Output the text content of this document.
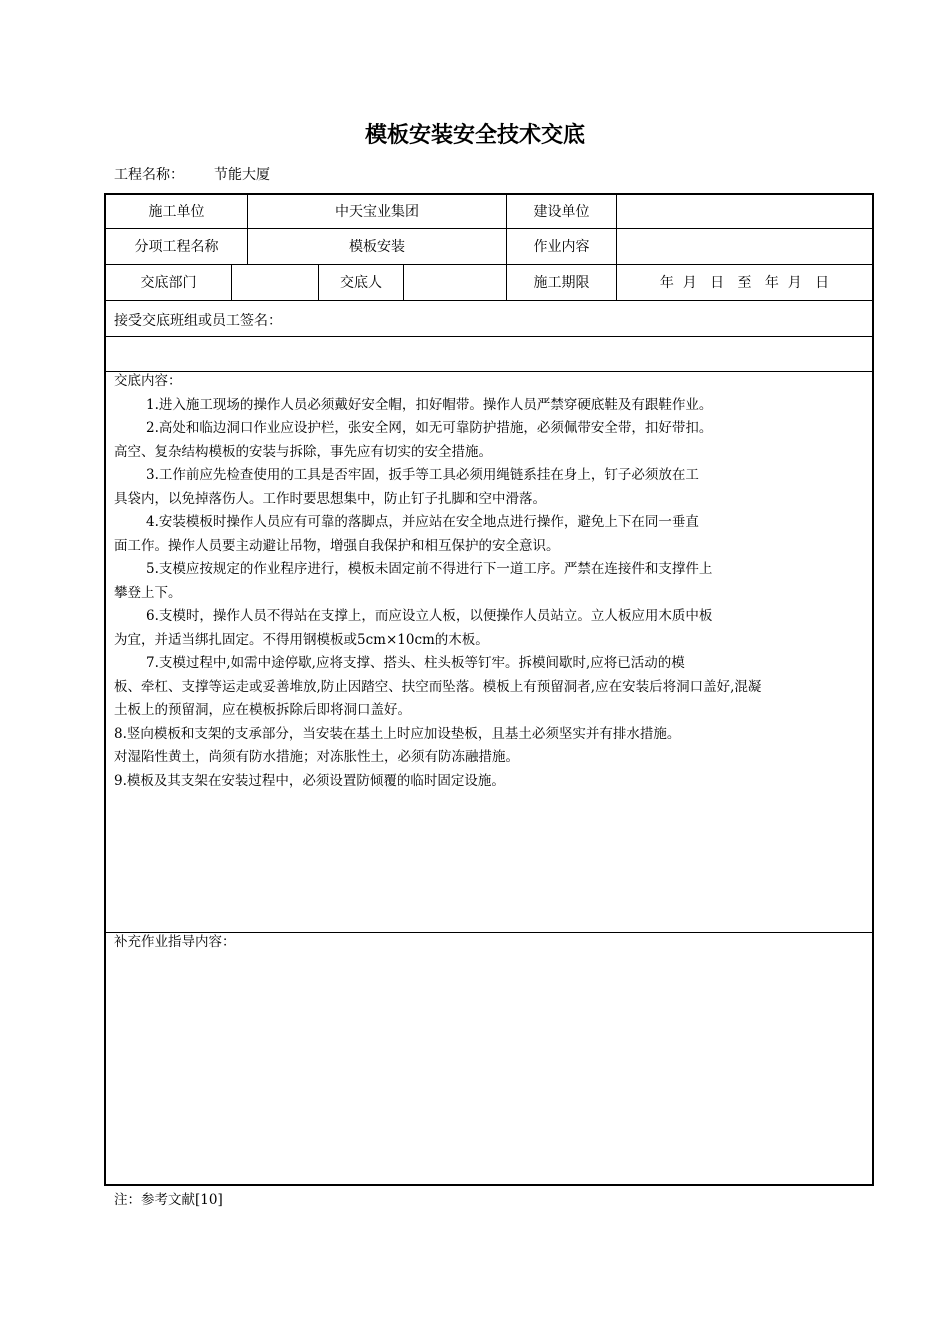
模板安装安全技术交底
工程名称： 节能大厦
施工单位	中天宝业集团	建设单位
分项工程名称	模板安装	作业内容
交底部门	交底人	施工期限	年  月   日   至   年  月   日
接受交底班组或员工签名：
交底内容：
1.进入施工现场的操作人员必须戴好安全帽，扣好帽带。操作人员严禁穿硬底鞋及有跟鞋作业。
2.高处和临边洞口作业应设护栏，张安全网，如无可靠防护措施，必须佩带安全带，扣好带扣。
高空、复杂结构模板的安装与拆除，事先应有切实的安全措施。
3.工作前应先检查使用的工具是否牢固，扳手等工具必须用绳链系挂在身上，钉子必须放在工
具袋内，以免掉落伤人。工作时要思想集中，防止钉子扎脚和空中滑落。
4.安装模板时操作人员应有可靠的落脚点，并应站在安全地点进行操作，避免上下在同一垂直
面工作。操作人员要主动避让吊物，增强自我保护和相互保护的安全意识。
5.支模应按规定的作业程序进行，模板未固定前不得进行下一道工序。严禁在连接件和支撑件上
攀登上下。
6.支模时，操作人员不得站在支撑上，而应设立人板，以便操作人员站立。立人板应用木质中板
为宜，并适当绑扎固定。不得用钢模板或5cm×10cm的木板。
7.支模过程中,如需中途停歇,应将支撑、搭头、柱头板等钉牢。拆模间歇时,应将已活动的模
板、牵杠、支撑等运走或妥善堆放,防止因踏空、扶空而坠落。模板上有预留洞者,应在安装后将洞口盖好,混凝
土板上的预留洞，应在模板拆除后即将洞口盖好。
8.竖向模板和支架的支承部分，当安装在基土上时应加设垫板，且基土必须坚实并有排水措施。
对湿陷性黄土，尚须有防水措施；对冻胀性土，必须有防冻融措施。
9.模板及其支架在安装过程中，必须设置防倾覆的临时固定设施。
补充作业指导内容：
注：参考文献[10]
